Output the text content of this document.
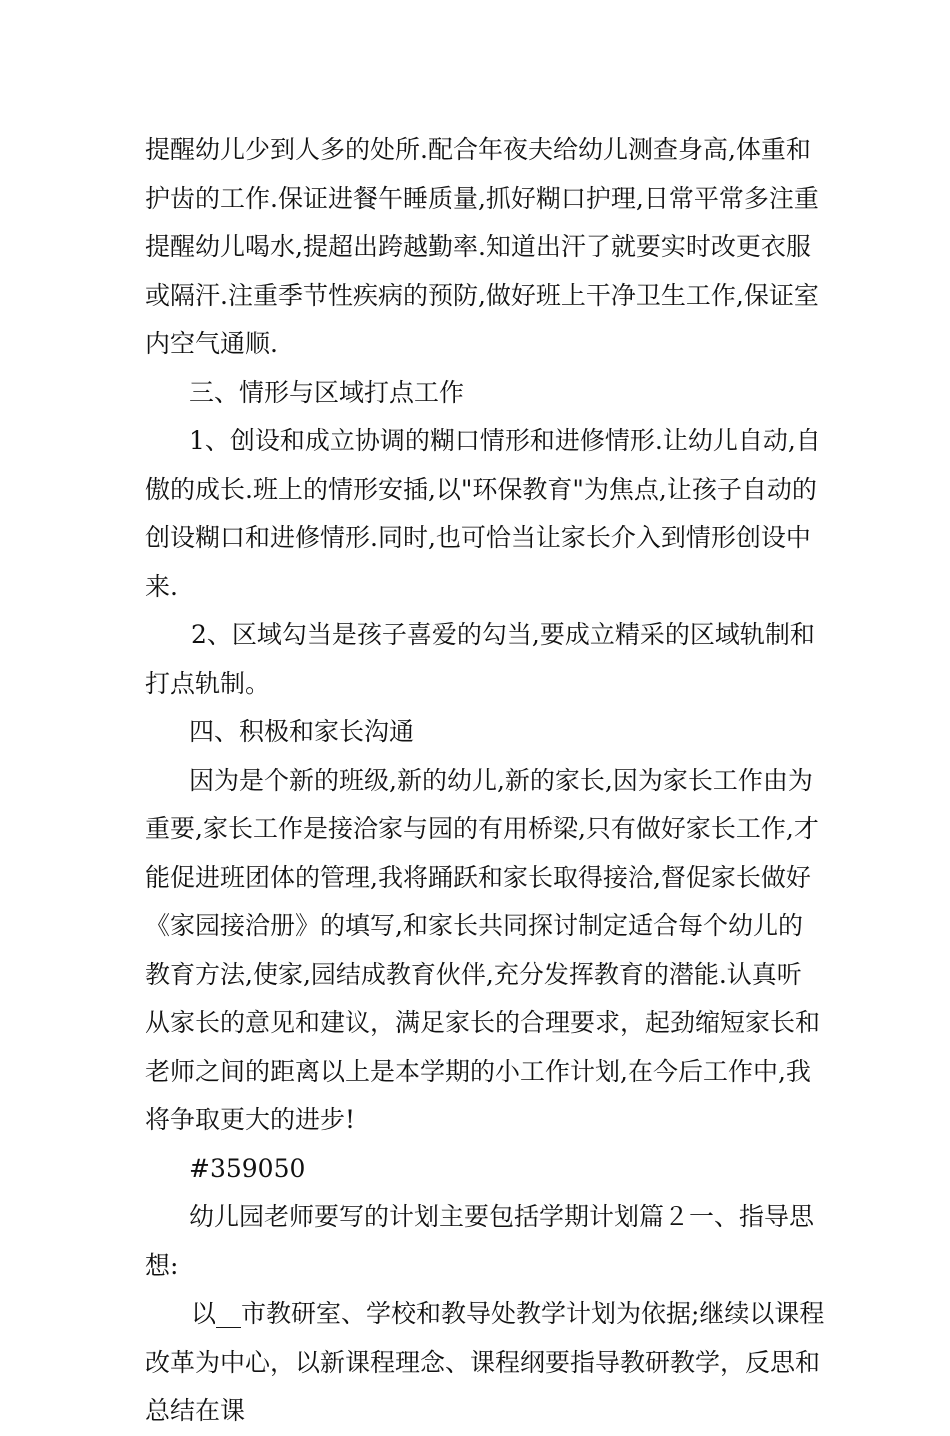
提醒幼儿少到人多的处所.配合年夜夫给幼儿测查身高,体重和护齿的工作.保证进餐午睡质量,抓好糊口护理,日常平常多注重提醒幼儿喝水,提超出跨越勤率.知道出汗了就要实时改更衣服或隔汗.注重季节性疾病的预防,做好班上干净卫生工作,保证室内空气通顺.

三、情形与区域打点工作

1、创设和成立协调的糊口情形和进修情形.让幼儿自动,自傲的成长.班上的情形安插,以"环保教育"为焦点,让孩子自动的创设糊口和进修情形.同时,也可恰当让家长介入到情形创设中来.

2、区域勾当是孩子喜爱的勾当,要成立精采的区域轨制和打点轨制。

四、积极和家长沟通

因为是个新的班级,新的幼儿,新的家长,因为家长工作由为重要,家长工作是接洽家与园的有用桥梁,只有做好家长工作,才能促进班团体的管理,我将踊跃和家长取得接洽,督促家长做好《家园接洽册》的填写,和家长共同探讨制定适合每个幼儿的教育方法,使家,园结成教育伙伴,充分发挥教育的潜能.认真听从家长的意见和建议，满足家长的合理要求，起劲缩短家长和老师之间的距离以上是本学期的小工作计划,在今后工作中,我将争取更大的进步!

#359050

幼儿园老师要写的计划主要包括学期计划篇２一、指导思想:

以__市教研室、学校和教导处教学计划为依据;继续以课程改革为中心，以新课程理念、课程纲要指导教研教学，反思和总结在课
